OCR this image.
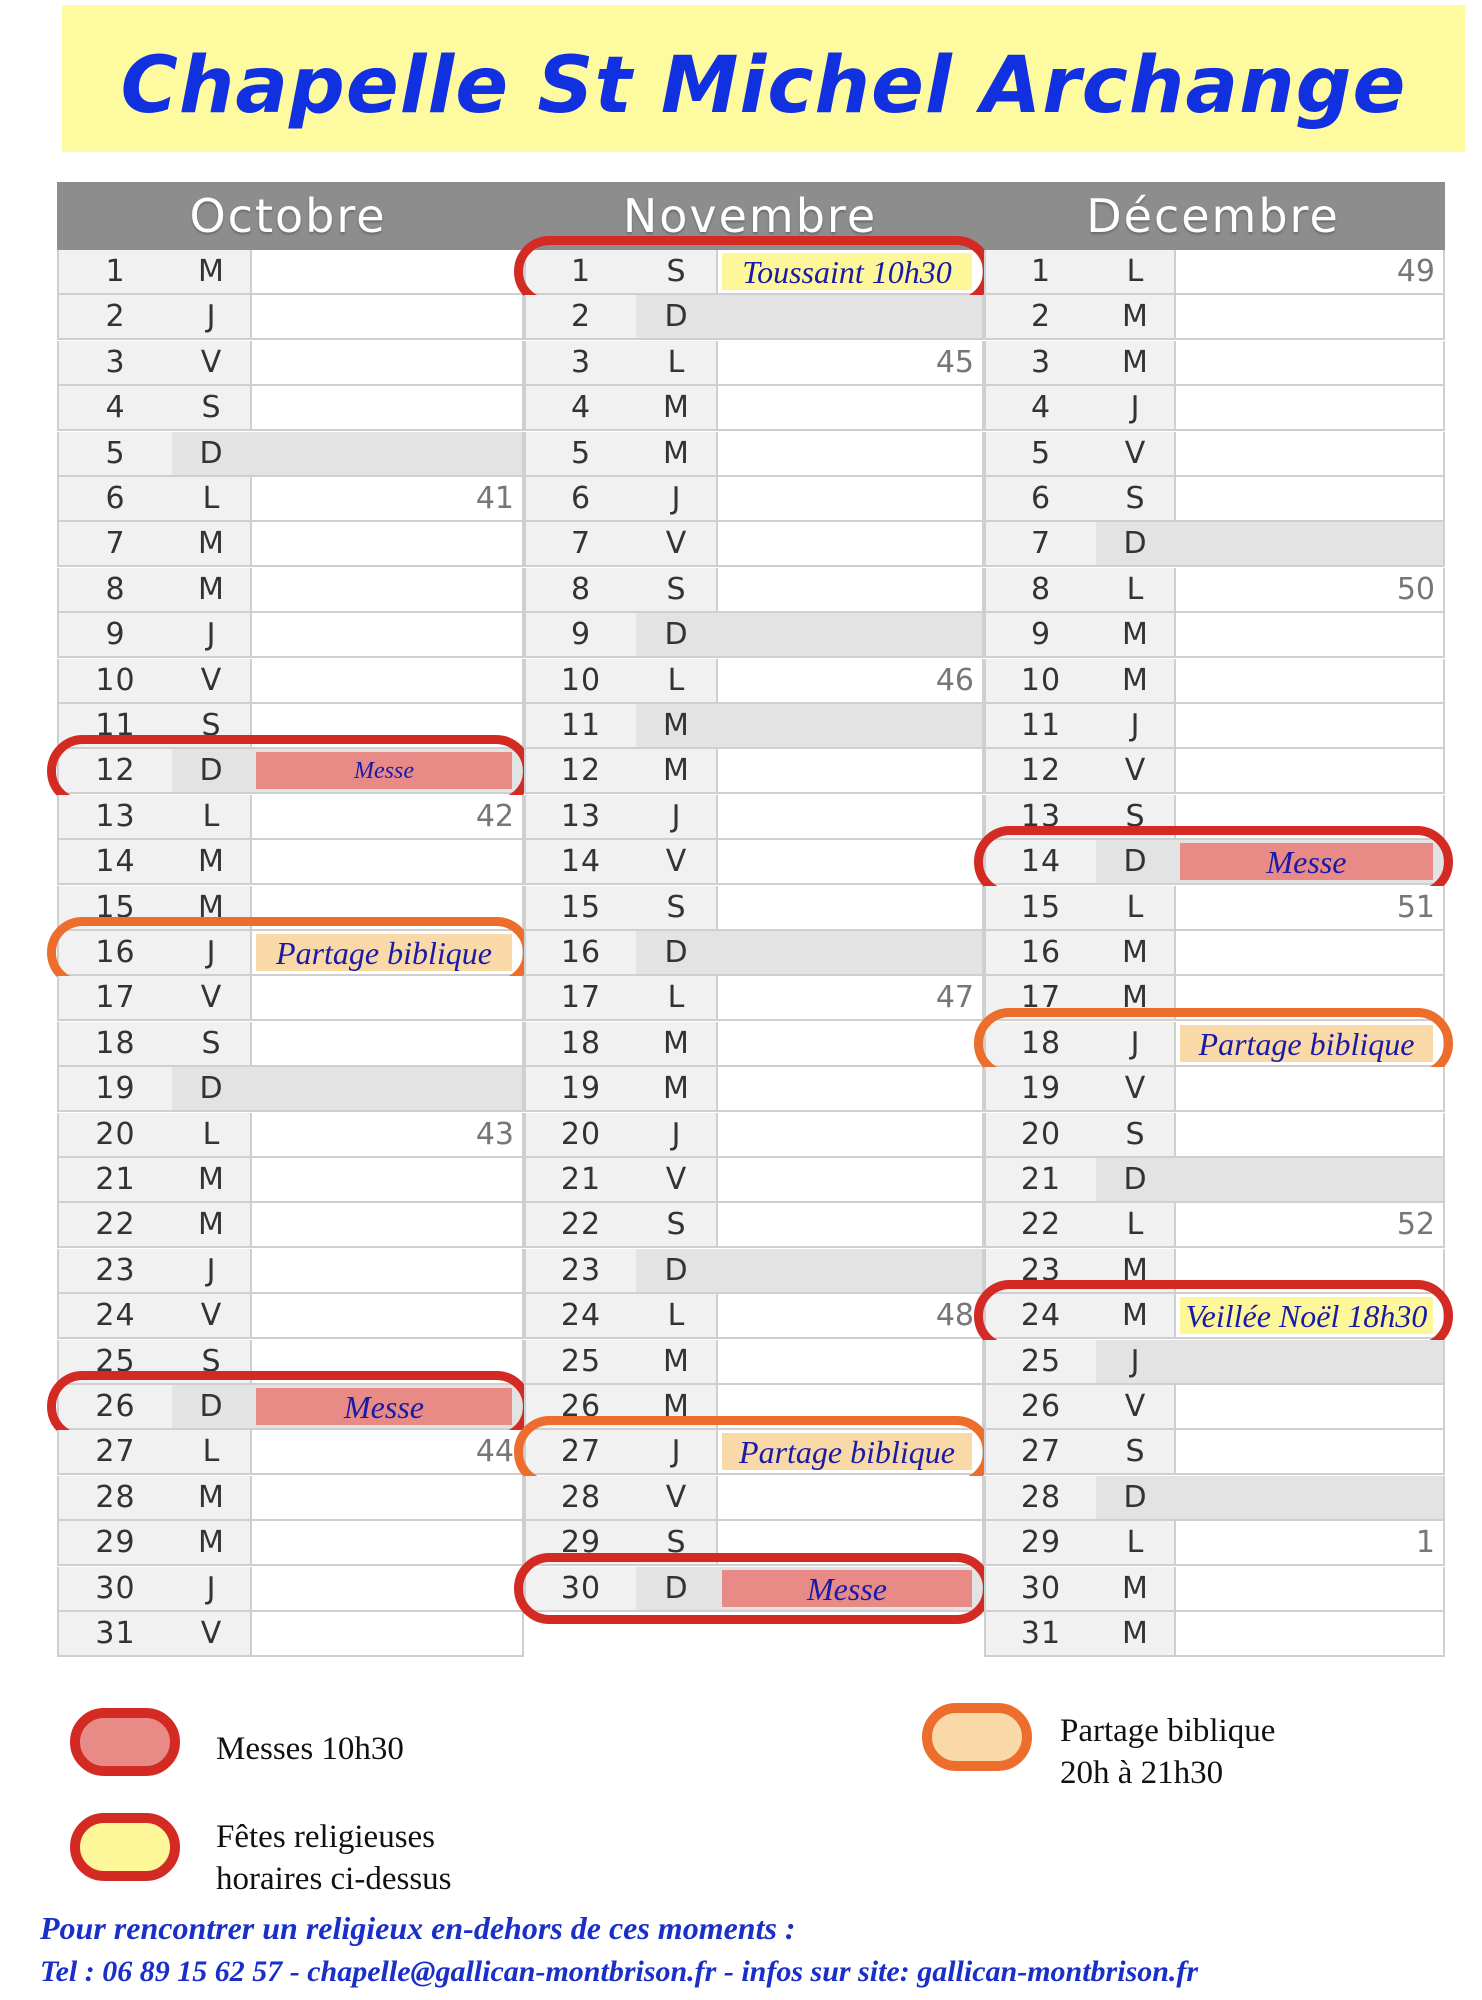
Chapelle St Michel Archange
Octobre	Novembre	Décembre
1	M
2	J
3	V
4	S
5	D
6	L	41
7	M
8	M
9	J
10	V
11	S
12	D	Messe
13	L	42
14	M
15	M
16	J	Partage biblique
17	V
18	S
19	D
20	L	43
21	M
22	M
23	J
24	V
25	S
26	D	Messe
27	L	44
28	M
29	M
30	J
31	V
1	S	Toussaint 10h30
2	D
3	L	45
4	M
5	M
6	J
7	V
8	S
9	D
10	L	46
11	M
12	M
13	J
14	V
15	S
16	D
17	L	47
18	M
19	M
20	J
21	V
22	S
23	D
24	L	48
25	M
26	M
27	J	Partage biblique
28	V
29	S
30	D	Messe
1	L	49
2	M
3	M
4	J
5	V
6	S
7	D
8	L	50
9	M
10	M
11	J
12	V
13	S
14	D	Messe
15	L	51
16	M
17	M
18	J	Partage biblique
19	V
20	S
21	D
22	L	52
23	M
24	M	Veillée Noël 18h30
25	J
26	V
27	S
28	D
29	L	1
30	M
31	M
Messes 10h30
Fêtes religieuses
horaires ci-dessus
Partage biblique
20h à 21h30
Pour rencontrer un religieux en-dehors de ces moments :
Tel : 06 89 15 62 57 - chapelle@gallican-montbrison.fr - infos sur site: gallican-montbrison.fr
